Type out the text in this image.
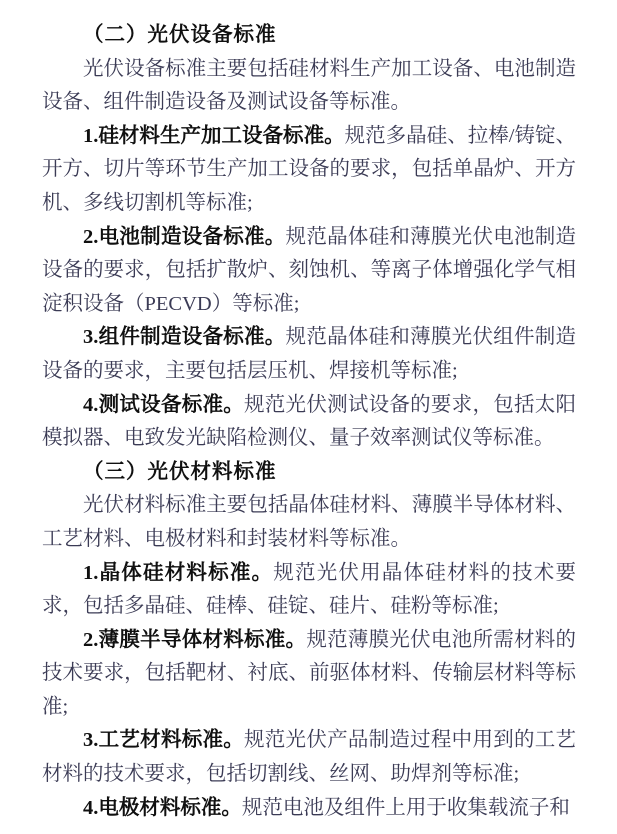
（二）光伏设备标准

光伏设备标准主要包括硅材料生产加工设备、电池制造设备、组件制造设备及测试设备等标准。

1.硅材料生产加工设备标准。规范多晶硅、拉棒/铸锭、开方、切片等环节生产加工设备的要求，包括单晶炉、开方机、多线切割机等标准;

2.电池制造设备标准。规范晶体硅和薄膜光伏电池制造设备的要求，包括扩散炉、刻蚀机、等离子体增强化学气相淀积设备（PECVD）等标准;

3.组件制造设备标准。规范晶体硅和薄膜光伏组件制造设备的要求，主要包括层压机、焊接机等标准;

4.测试设备标准。规范光伏测试设备的要求，包括太阳模拟器、电致发光缺陷检测仪、量子效率测试仪等标准。

（三）光伏材料标准

光伏材料标准主要包括晶体硅材料、薄膜半导体材料、工艺材料、电极材料和封装材料等标准。

1.晶体硅材料标准。规范光伏用晶体硅材料的技术要求，包括多晶硅、硅棒、硅锭、硅片、硅粉等标准;

2.薄膜半导体材料标准。规范薄膜光伏电池所需材料的技术要求，包括靶材、衬底、前驱体材料、传输层材料等标准;

3.工艺材料标准。规范光伏产品制造过程中用到的工艺材料的技术要求，包括切割线、丝网、助焊剂等标准;

4.电极材料标准。规范电池及组件上用于收集载流子和
